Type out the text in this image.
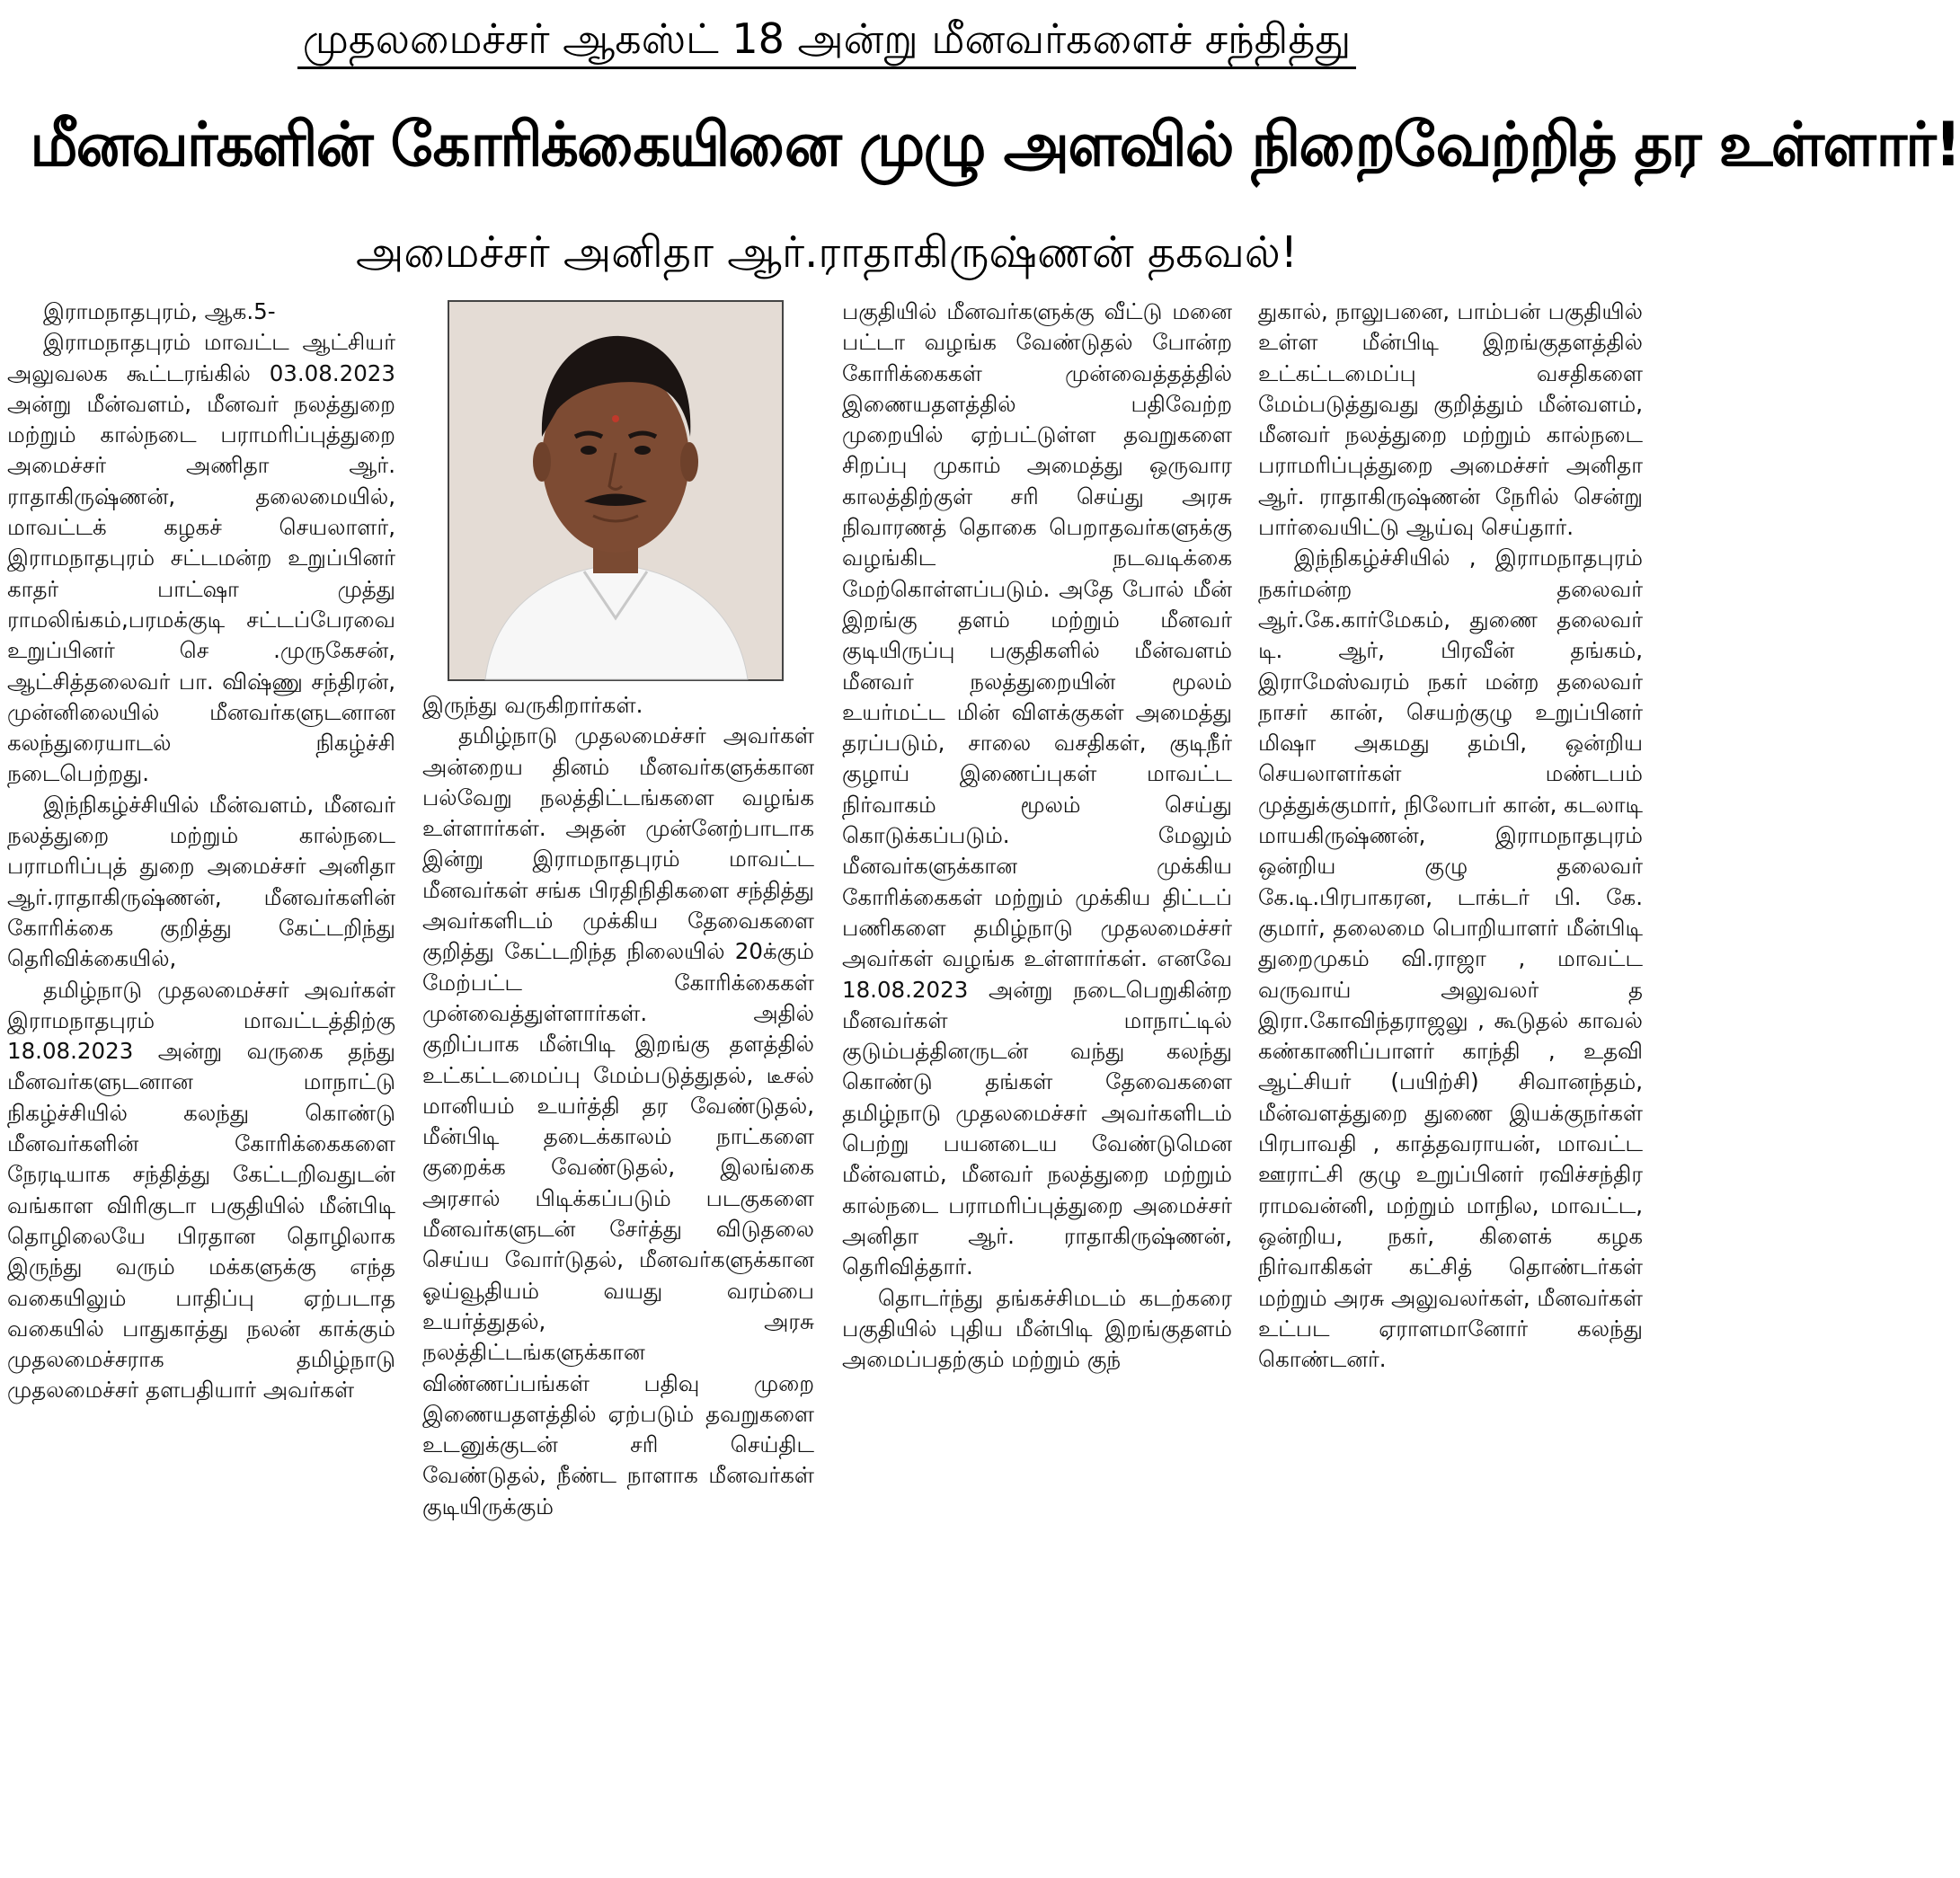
முதலமைச்சர் ஆகஸ்ட் 18 அன்று மீனவர்களைச் சந்தித்து
மீனவர்களின் கோரிக்கையினை முழு அளவில் நிறைவேற்றித் தர உள்ளார்!
அமைச்சர் அனிதா ஆர்.ராதாகிருஷ்ணன் தகவல்!

இராமநாதபுரம், ஆக.5-

இராமநாதபுரம் மாவட்ட ஆட்சியர் அலுவலக கூட்டரங்கில் 03.08.2023 அன்று மீன்வளம், மீனவர் நலத்துறை மற்றும் கால்நடை பராமரிப்புத்துறை அமைச்சர் அணிதா ஆர். ராதாகிருஷ்ணன், தலைமையில், மாவட்டக் கழகச் செயலாளர், இராமநாதபுரம் சட்டமன்ற உறுப்பினர் காதர் பாட்ஷா முத்து ராமலிங்கம்,பரமக்குடி சட்டப்பேரவை உறுப்பினர் செ .முருகேசன், ஆட்சித்தலைவர் பா. விஷ்ணு சந்திரன், முன்னிலையில் மீனவர்களுடனான கலந்துரையாடல் நிகழ்ச்சி நடைபெற்றது.

இந்நிகழ்ச்சியில் மீன்வளம், மீனவர் நலத்துறை மற்றும் கால்நடை பராமரிப்புத் துறை அமைச்சர் அனிதா ஆர்.ராதாகிருஷ்ணன், மீனவர்களின் கோரிக்கை குறித்து கேட்டறிந்து தெரிவிக்கையில்,

தமிழ்நாடு முதலமைச்சர் அவர்கள் இராமநாதபுரம் மாவட்டத்திற்கு 18.08.2023 அன்று வருகை தந்து மீனவர்களுடனான மாநாட்டு நிகழ்ச்சியில் கலந்து கொண்டு மீனவர்களின் கோரிக்கைகளை நேரடியாக சந்தித்து கேட்டறிவதுடன் வங்காள விரிகுடா பகுதியில் மீன்பிடி தொழிலையே பிரதான தொழிலாக இருந்து வரும் மக்களுக்கு எந்த வகையிலும் பாதிப்பு ஏற்படாத வகையில் பாதுகாத்து நலன் காக்கும் முதலமைச்சராக தமிழ்நாடு முதலமைச்சர் தளபதியார் அவர்கள்

இருந்து வருகிறார்கள்.

தமிழ்நாடு முதலமைச்சர் அவர்கள் அன்றைய தினம் மீனவர்களுக்கான பல்வேறு நலத்திட்டங்களை வழங்க உள்ளார்கள். அதன் முன்னேற்பாடாக இன்று இராமநாதபுரம் மாவட்ட மீனவர்கள் சங்க பிரதிநிதிகளை சந்தித்து அவர்களிடம் முக்கிய தேவைகளை குறித்து கேட்டறிந்த நிலையில் 20க்கும் மேற்பட்ட கோரிக்கைகள் முன்வைத்துள்ளார்கள். அதில் குறிப்பாக மீன்பிடி இறங்கு தளத்தில் உட்கட்டமைப்பு மேம்படுத்துதல், டீசல் மானியம் உயர்த்தி தர வேண்டுதல், மீன்பிடி தடைக்காலம் நாட்களை குறைக்க வேண்டுதல், இலங்கை அரசால் பிடிக்கப்படும் படகுகளை மீனவர்களுடன் சேர்த்து விடுதலை செய்ய வோர்டுதல், மீனவர்களுக்கான ஓய்வூதியம் வயது வரம்பை உயர்த்துதல், அரசு நலத்திட்டங்களுக்கான விண்ணப்பங்கள் பதிவு முறை இணையதளத்தில் ஏற்படும் தவறுகளை உடனுக்குடன் சரி செய்திட வேண்டுதல், நீண்ட நாளாக மீனவர்கள் குடியிருக்கும்

பகுதியில் மீனவர்களுக்கு வீட்டு மனை பட்டா வழங்க வேண்டுதல் போன்ற கோரிக்கைகள் முன்வைத்தத்தில் இணையதளத்தில் பதிவேற்ற முறையில் ஏற்பட்டுள்ள தவறுகளை சிறப்பு முகாம் அமைத்து ஒருவார காலத்திற்குள் சரி செய்து அரசு நிவாரணத் தொகை பெறாதவர்களுக்கு வழங்கிட நடவடிக்கை மேற்கொள்ளப்படும். அதே போல் மீன் இறங்கு தளம் மற்றும் மீனவர் குடியிருப்பு பகுதிகளில் மீன்வளம் மீனவர் நலத்துறையின் மூலம் உயர்மட்ட மின் விளக்குகள் அமைத்து தரப்படும், சாலை வசதிகள், குடிநீர் குழாய் இணைப்புகள் மாவட்ட நிர்வாகம் மூலம் செய்து கொடுக்கப்படும். மேலும் மீனவர்களுக்கான முக்கிய கோரிக்கைகள் மற்றும் முக்கிய திட்டப் பணிகளை தமிழ்நாடு முதலமைச்சர் அவர்கள் வழங்க உள்ளார்கள். எனவே 18.08.2023 அன்று நடைபெறுகின்ற மீனவர்கள் மாநாட்டில் குடும்பத்தினருடன் வந்து கலந்து கொண்டு தங்கள் தேவைகளை தமிழ்நாடு முதலமைச்சர் அவர்களிடம் பெற்று பயனடைய வேண்டுமென மீன்வளம், மீனவர் நலத்துறை மற்றும் கால்நடை பராமரிப்புத்துறை அமைச்சர் அனிதா ஆர். ராதாகிருஷ்ணன், தெரிவித்தார்.

தொடர்ந்து தங்கச்சிமடம் கடற்கரை பகுதியில் புதிய மீன்பிடி இறங்குதளம் அமைப்பதற்கும் மற்றும் குந்

துகால், நாலுபனை, பாம்பன் பகுதியில் உள்ள மீன்பிடி இறங்குதளத்தில் உட்கட்டமைப்பு வசதிகளை மேம்படுத்துவது குறித்தும் மீன்வளம், மீனவர் நலத்துறை மற்றும் கால்நடை பராமரிப்புத்துறை அமைச்சர் அனிதா ஆர். ராதாகிருஷ்ணன் நேரில் சென்று பார்வையிட்டு ஆய்வு செய்தார்.

இந்நிகழ்ச்சியில் , இராமநாதபுரம் நகர்மன்ற தலைவர் ஆர்.கே.கார்மேகம், துணை தலைவர் டி. ஆர், பிரவீன் தங்கம், இராமேஸ்வரம் நகர் மன்ற தலைவர் நாசர் கான், செயற்குழு உறுப்பினர் மிஷா அகமது தம்பி, ஒன்றிய செயலாளர்கள் மண்டபம் முத்துக்குமார், நிலோபர் கான், கடலாடி மாயகிருஷ்ணன், இராமநாதபுரம் ஒன்றிய குழு தலைவர் கே.டி.பிரபாகரன, டாக்டர் பி. கே. குமார், தலைமை பொறியாளர் மீன்பிடி துறைமுகம் வி.ராஜா , மாவட்ட வருவாய் அலுவலர் த இரா.கோவிந்தராஜலு , கூடுதல் காவல் கண்காணிப்பாளர் காந்தி , உதவி ஆட்சியர் (பயிற்சி) சிவானந்தம், மீன்வளத்துறை துணை இயக்குநர்கள் பிரபாவதி , காத்தவராயன், மாவட்ட ஊராட்சி குழு உறுப்பினர் ரவிச்சந்திர ராமவன்னி, மற்றும் மாநில, மாவட்ட, ஒன்றிய, நகர், கிளைக் கழக நிர்வாகிகள் கட்சித் தொண்டர்கள் மற்றும் அரசு அலுவலர்கள், மீனவர்கள் உட்பட ஏராளமானோர் கலந்து கொண்டனர்.
